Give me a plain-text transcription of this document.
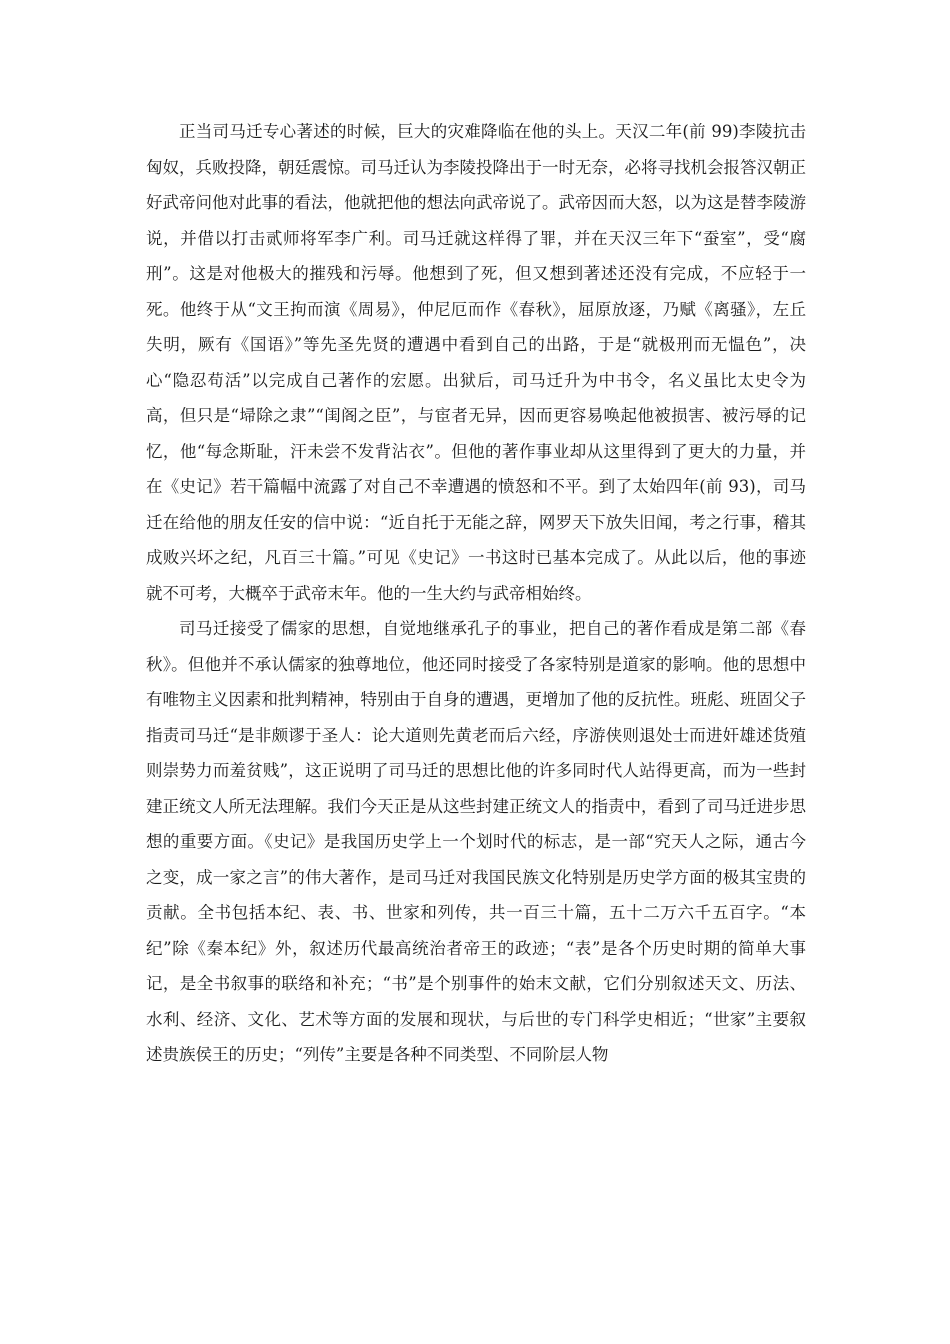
正当司马迁专心著述的时候，巨大的灾难降临在他的头上。天汉二年(前 99)李陵抗击匈奴，兵败投降，朝廷震惊。司马迁认为李陵投降出于一时无奈，必将寻找机会报答汉朝正好武帝问他对此事的看法，他就把他的想法向武帝说了。武帝因而大怒，以为这是替李陵游说，并借以打击贰师将军李广利。司马迁就这样得了罪，并在天汉三年下“蚕室”，受“腐刑”。这是对他极大的摧残和污辱。他想到了死，但又想到著述还没有完成，不应轻于一死。他终于从“文王拘而演《周易》，仲尼厄而作《春秋》，屈原放逐，乃赋《离骚》，左丘失明，厥有《国语》”等先圣先贤的遭遇中看到自己的出路，于是“就极刑而无愠色”，决心“隐忍苟活”以完成自己著作的宏愿。出狱后，司马迁升为中书令，名义虽比太史令为高，但只是“埽除之隶”“闺阁之臣”，与宦者无异，因而更容易唤起他被损害、被污辱的记忆，他“每念斯耻，汗未尝不发背沾衣”。但他的著作事业却从这里得到了更大的力量，并在《史记》若干篇幅中流露了对自己不幸遭遇的愤怒和不平。到了太始四年(前 93)，司马迁在给他的朋友任安的信中说：“近自托于无能之辞，网罗天下放失旧闻，考之行事，稽其成败兴坏之纪，凡百三十篇。”可见《史记》一书这时已基本完成了。从此以后，他的事迹就不可考，大概卒于武帝末年。他的一生大约与武帝相始终。

司马迁接受了儒家的思想，自觉地继承孔子的事业，把自己的著作看成是第二部《春秋》。但他并不承认儒家的独尊地位，他还同时接受了各家特别是道家的影响。他的思想中有唯物主义因素和批判精神，特别由于自身的遭遇，更增加了他的反抗性。班彪、班固父子指责司马迁“是非颇谬于圣人：论大道则先黄老而后六经，序游侠则退处士而进奸雄述货殖则崇势力而羞贫贱”，这正说明了司马迁的思想比他的许多同时代人站得更高，而为一些封建正统文人所无法理解。我们今天正是从这些封建正统文人的指责中，看到了司马迁进步思想的重要方面。《史记》是我国历史学上一个划时代的标志，是一部“究天人之际，通古今之变，成一家之言”的伟大著作，是司马迁对我国民族文化特别是历史学方面的极其宝贵的贡献。全书包括本纪、表、书、世家和列传，共一百三十篇，五十二万六千五百字。“本纪”除《秦本纪》外，叙述历代最高统治者帝王的政迹；“表”是各个历史时期的简单大事记，是全书叙事的联络和补充；“书”是个别事件的始末文献，它们分别叙述天文、历法、水利、经济、文化、艺术等方面的发展和现状，与后世的专门科学史相近；“世家”主要叙述贵族侯王的历史；“列传”主要是各种不同类型、不同阶层人物
